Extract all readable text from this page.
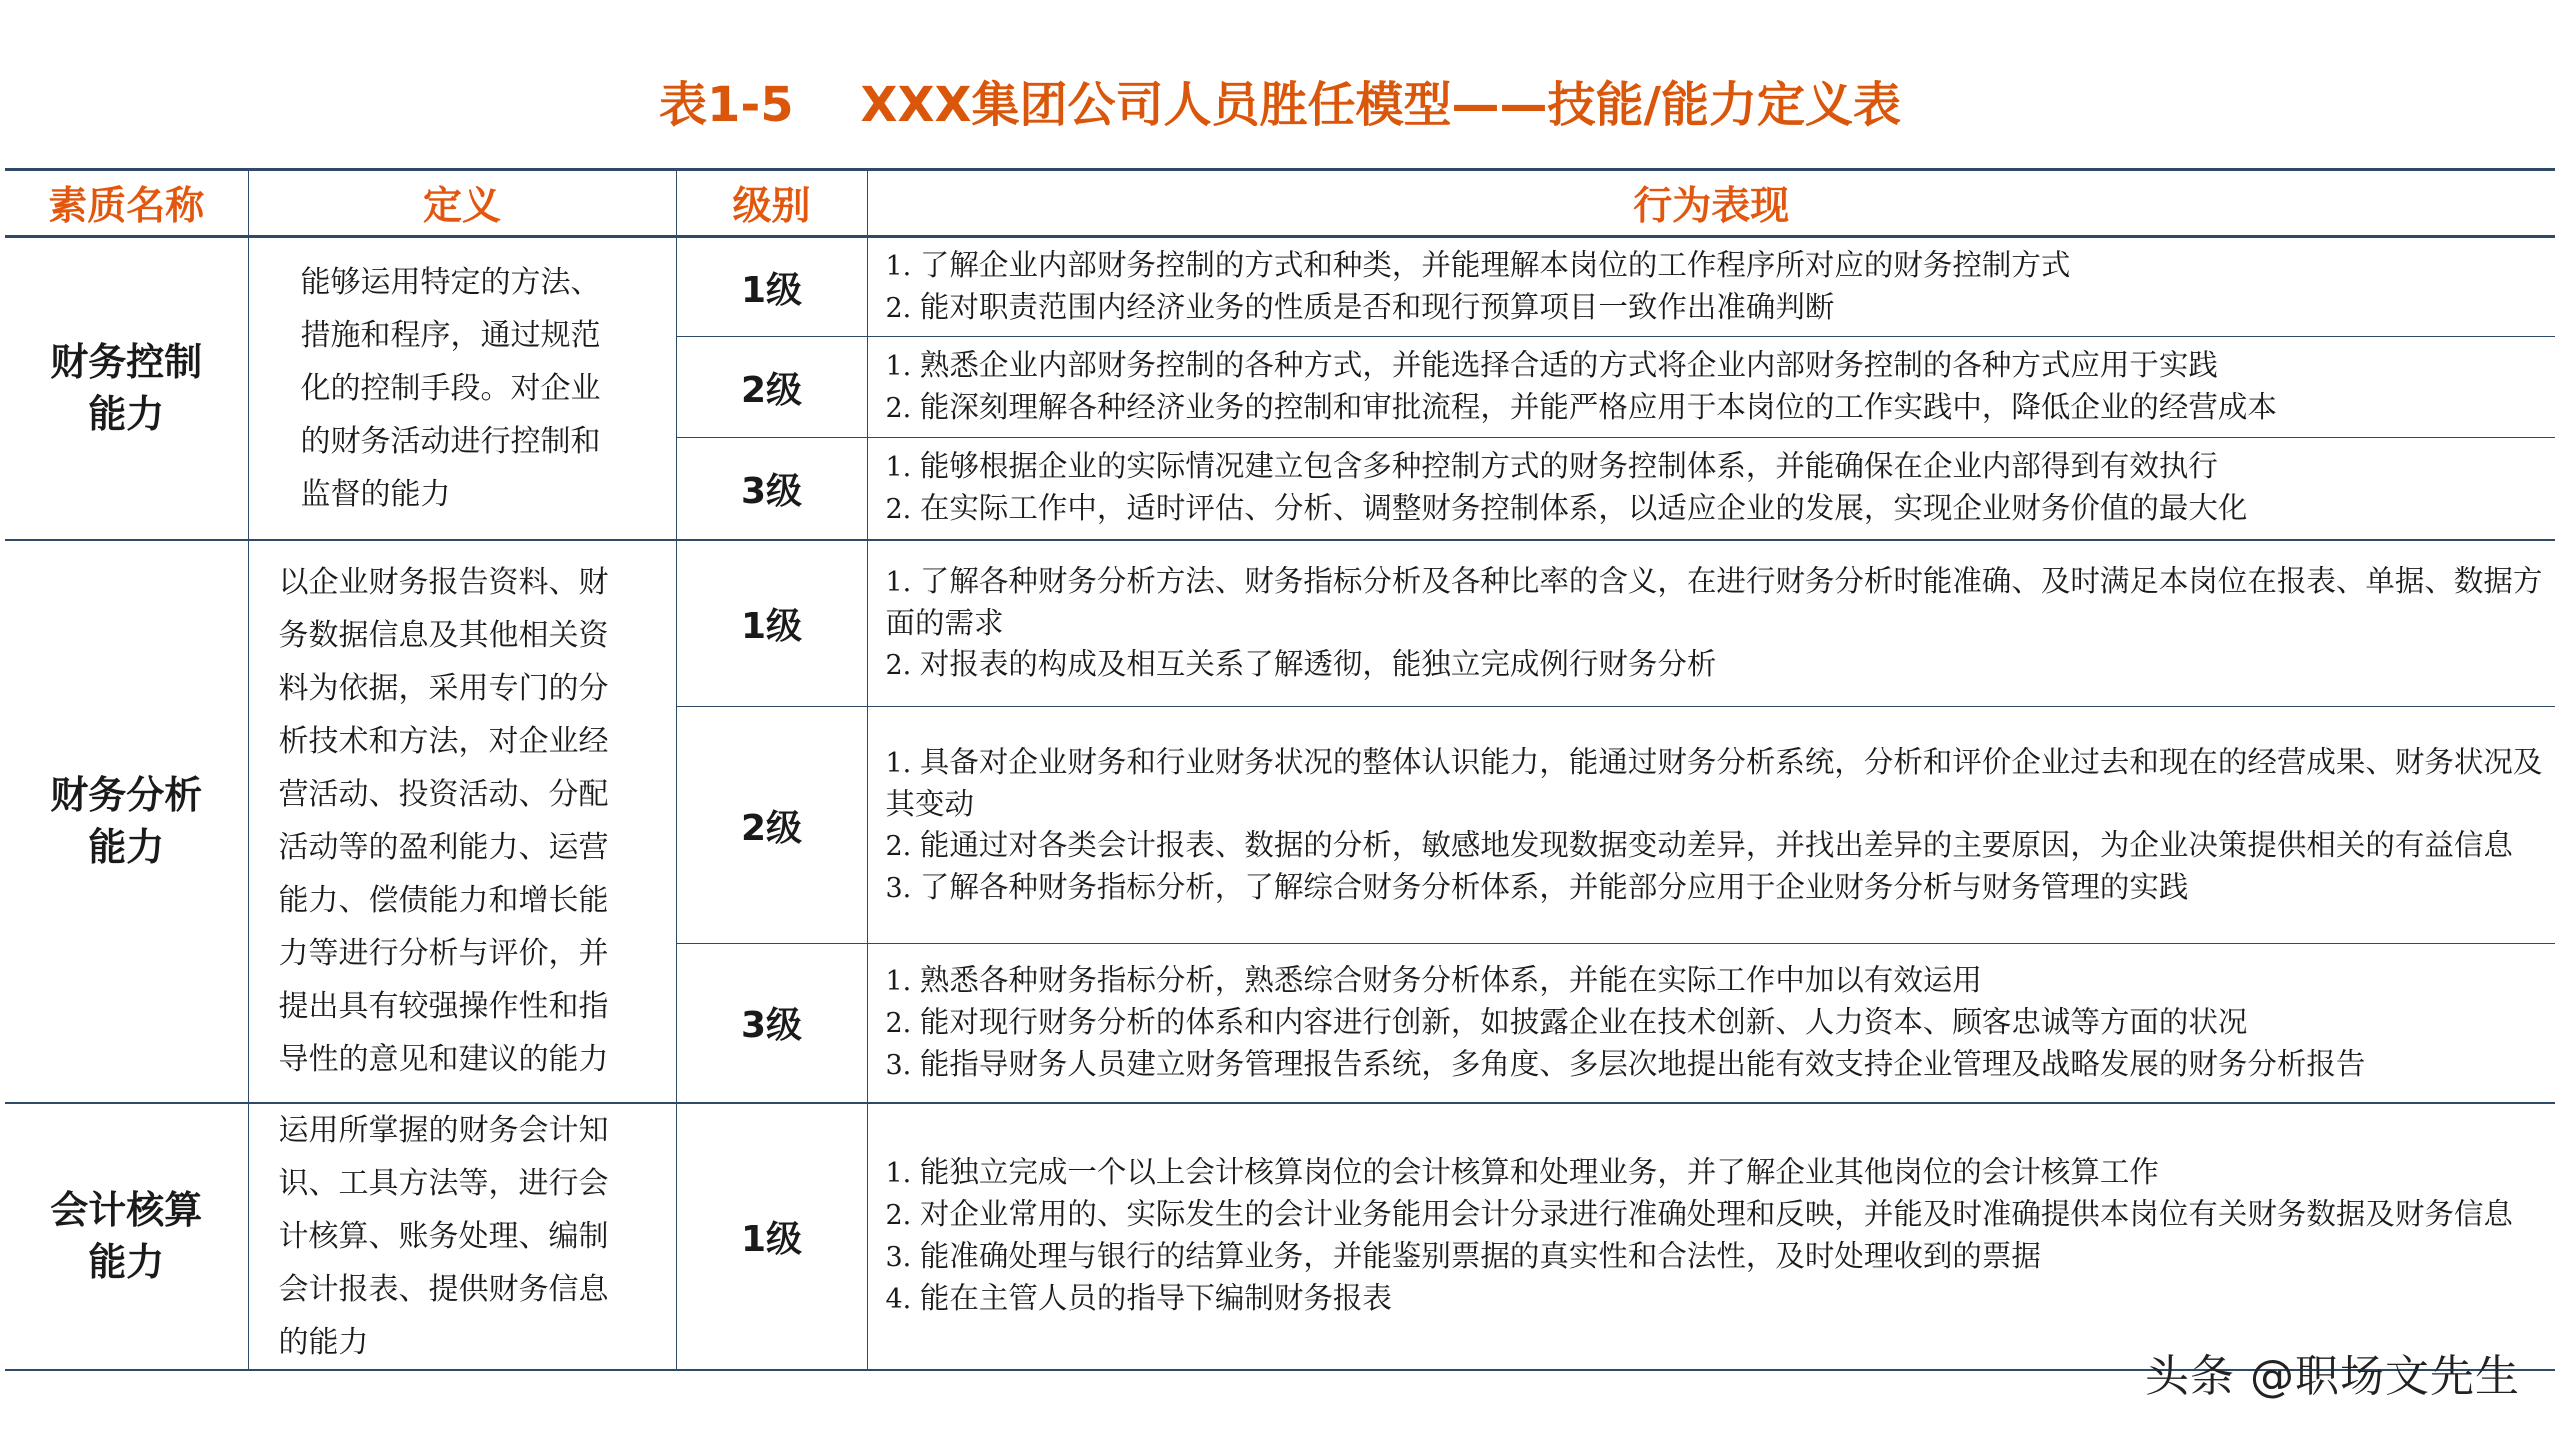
表1-5    XXX集团公司人员胜任模型——技能/能力定义表
素质名称	定义	级别	行为表现
财务控制能力	能够运用特定的方法、措施和程序，通过规范化的控制手段。对企业的财务活动进行控制和监督的能力	1级	1. 了解企业内部财务控制的方式和种类，并能理解本岗位的工作程序所对应的财务控制方式
2. 能对职责范围内经济业务的性质是否和现行预算项目一致作出准确判断

		2级	1. 熟悉企业内部财务控制的各种方式，并能选择合适的方式将企业内部财务控制的各种方式应用于实践
2. 能深刻理解各种经济业务的控制和审批流程，并能严格应用于本岗位的工作实践中，降低企业的经营成本

		3级	1. 能够根据企业的实际情况建立包含多种控制方式的财务控制体系，并能确保在企业内部得到有效执行
2. 在实际工作中，适时评估、分析、调整财务控制体系，以适应企业的发展，实现企业财务价值的最大化

财务分析能力	以企业财务报告资料、财务数据信息及其他相关资料为依据，采用专门的分析技术和方法，对企业经营活动、投资活动、分配活动等的盈利能力、运营能力、偿债能力和增长能力等进行分析与评价，并提出具有较强操作性和指导性的意见和建议的能力	1级	1. 了解各种财务分析方法、财务指标分析及各种比率的含义，在进行财务分析时能准确、及时满足本岗位在报表、单据、数据方面的需求
2. 对报表的构成及相互关系了解透彻，能独立完成例行财务分析

		2级	1. 具备对企业财务和行业财务状况的整体认识能力，能通过财务分析系统，分析和评价企业过去和现在的经营成果、财务状况及其变动
2. 能通过对各类会计报表、数据的分析，敏感地发现数据变动差异，并找出差异的主要原因，为企业决策提供相关的有益信息
3. 了解各种财务指标分析，了解综合财务分析体系，并能部分应用于企业财务分析与财务管理的实践

		3级	1. 熟悉各种财务指标分析，熟悉综合财务分析体系，并能在实际工作中加以有效运用
2. 能对现行财务分析的体系和内容进行创新，如披露企业在技术创新、人力资本、顾客忠诚等方面的状况
3. 能指导财务人员建立财务管理报告系统，多角度、多层次地提出能有效支持企业管理及战略发展的财务分析报告

会计核算能力	运用所掌握的财务会计知识、工具方法等，进行会计核算、账务处理、编制会计报表、提供财务信息的能力	1级	1. 能独立完成一个以上会计核算岗位的会计核算和处理业务，并了解企业其他岗位的会计核算工作
2. 对企业常用的、实际发生的会计业务能用会计分录进行准确处理和反映，并能及时准确提供本岗位有关财务数据及财务信息
3. 能准确处理与银行的结算业务，并能鉴别票据的真实性和合法性，及时处理收到的票据
4. 能在主管人员的指导下编制财务报表
头条 @职场文先生
